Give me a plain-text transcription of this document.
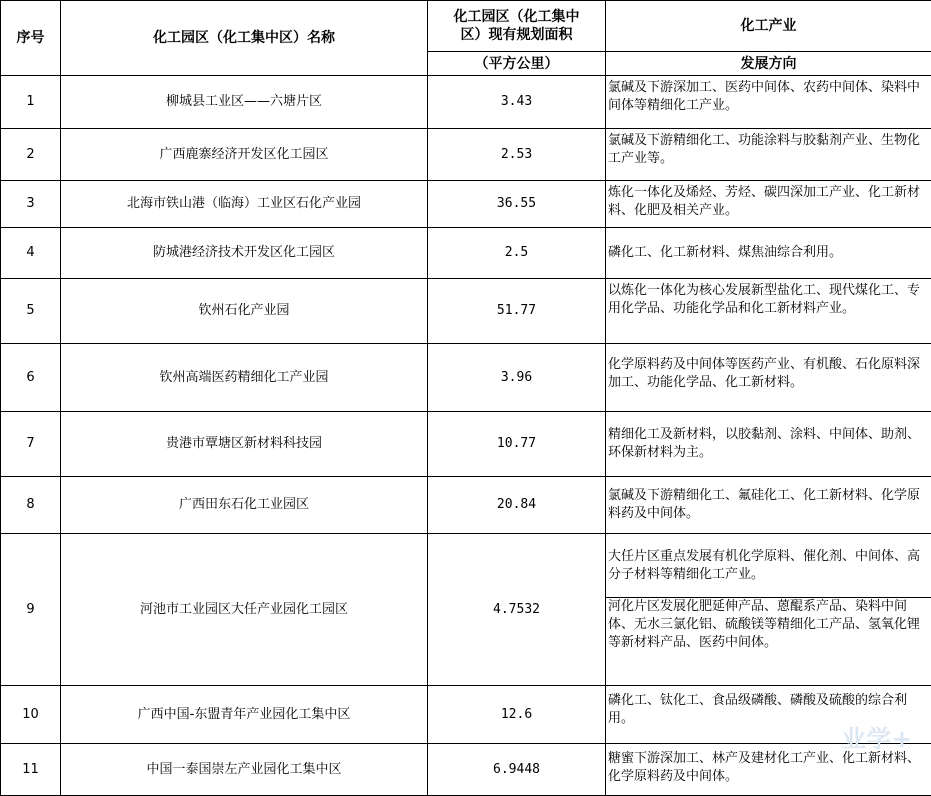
序号	化工园区（化工集中区）名称	化工园区（化工集中
区）现有规划面积	化工产业
		（平方公里）	发展方向
1	柳城县工业区——六塘片区	3.43	氯碱及下游深加工、医药中间体、农药中间体、染料中间体等精细化工产业。
2	广西鹿寨经济开发区化工园区	2.53	氯碱及下游精细化工、功能涂料与胶黏剂产业、生物化工产业等。
3	北海市铁山港（临海）工业区石化产业园	36.55	炼化一体化及烯烃、芳烃、碳四深加工产业、化工新材料、化肥及相关产业。
4	防城港经济技术开发区化工园区	2.5	磷化工、化工新材料、煤焦油综合利用。
5	钦州石化产业园	51.77	以炼化一体化为核心发展新型盐化工、现代煤化工、专用化学品、功能化学品和化工新材料产业。
6	钦州高端医药精细化工产业园	3.96	化学原料药及中间体等医药产业、有机酸、石化原料深加工、功能化学品、化工新材料。
7	贵港市覃塘区新材料科技园	10.77	精细化工及新材料，以胶黏剂、涂料、中间体、助剂、环保新材料为主。
8	广西田东石化工业园区	20.84	氯碱及下游精细化工、氟硅化工、化工新材料、化学原料药及中间体。
9	河池市工业园区大任产业园化工园区	4.7532	大任片区重点发展有机化学原料、催化剂、中间体、高分子材料等精细化工产业。
			河化片区发展化肥延伸产品、蒽醌系产品、染料中间体、无水三氯化铝、硫酸镁等精细化工产品、氢氧化锂等新材料产品、医药中间体。
10	广西中国-东盟青年产业园化工集中区	12.6	磷化工、钛化工、食品级磷酸、磷酸及硫酸的综合利用。
11	中国一泰国崇左产业园化工集中区	6.9448	糖蜜下游深加工、林产及建材化工产业、化工新材料、化学原料药及中间体。
业学+
